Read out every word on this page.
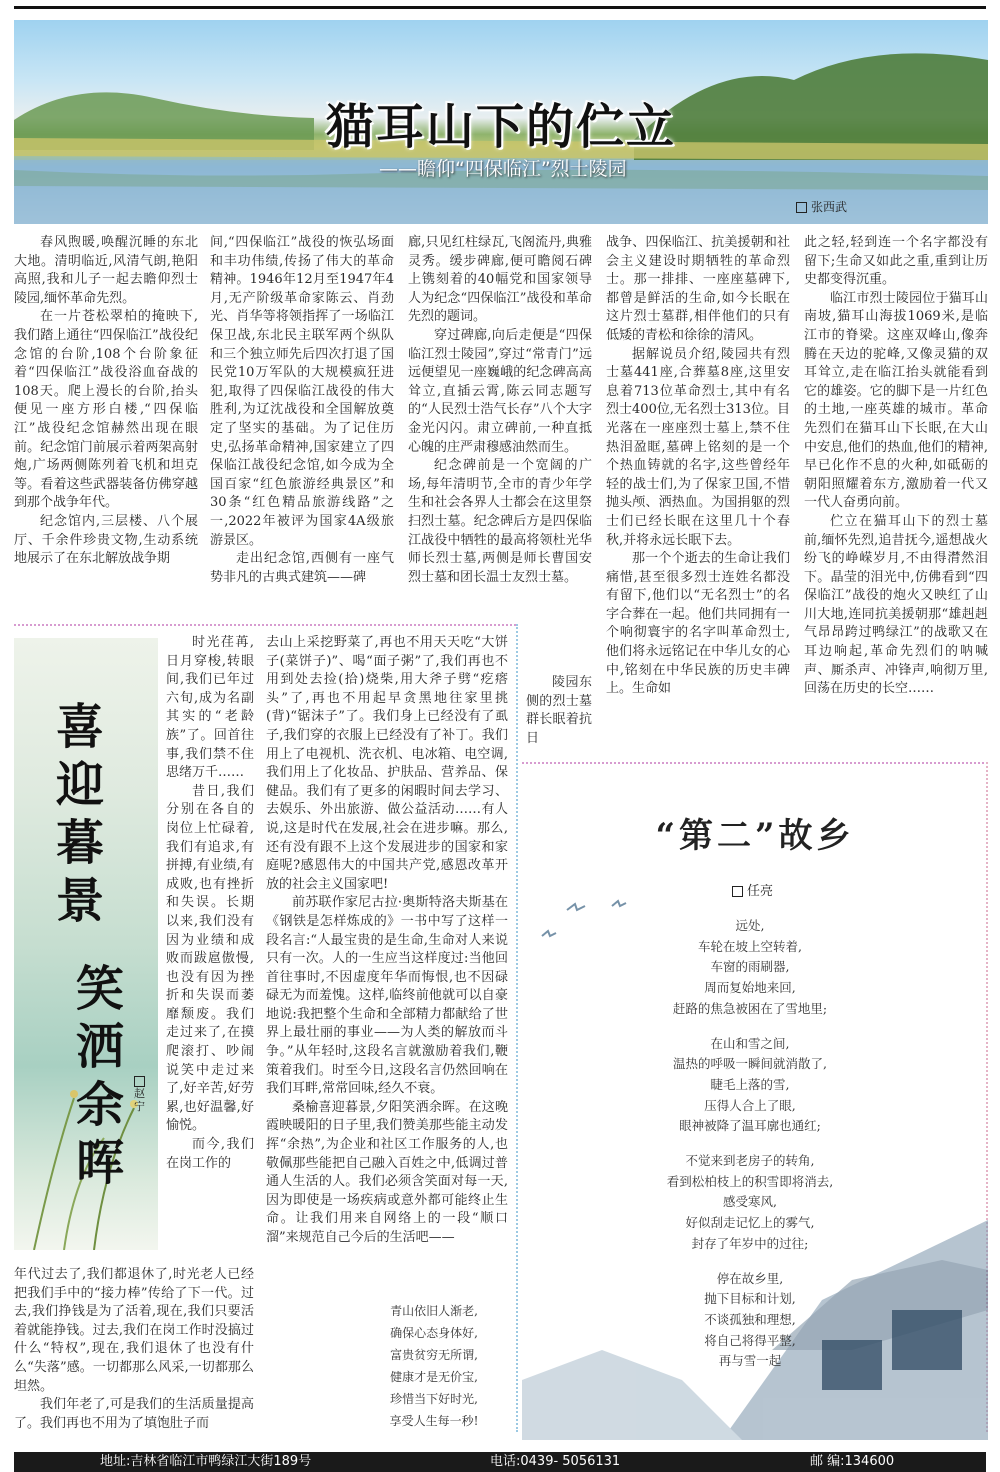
猫耳山下的伫立
——瞻仰“四保临江”烈士陵园
张西武

春风煦暖,唤醒沉睡的东北大地。清明临近,风清气朗,艳阳高照,我和儿子一起去瞻仰烈士陵园,缅怀革命先烈。

在一片苍松翠柏的掩映下,我们踏上通往“四保临江”战役纪念馆的台阶,108个台阶象征着“四保临江”战役浴血奋战的108天。爬上漫长的台阶,抬头便见一座方形白楼,“四保临江”战役纪念馆赫然出现在眼前。纪念馆门前展示着两架高射炮,广场两侧陈列着飞机和坦克等。看着这些武器装备仿佛穿越到那个战争年代。

纪念馆内,三层楼、八个展厅、千余件珍贵文物,生动系统地展示了在东北解放战争期

间,“四保临江”战役的恢弘场面和丰功伟绩,传扬了伟大的革命精神。1946年12月至1947年4月,无产阶级革命家陈云、肖劲光、肖华等将领指挥了一场临江保卫战,东北民主联军两个纵队和三个独立师先后四次打退了国民党10万军队的大规模疯狂进犯,取得了四保临江战役的伟大胜利,为辽沈战役和全国解放奠定了坚实的基础。为了记住历史,弘扬革命精神,国家建立了四保临江战役纪念馆,如今成为全国百家“红色旅游经典景区”和30条“红色精品旅游线路”之一,2022年被评为国家4A级旅游景区。

走出纪念馆,西侧有一座气势非凡的古典式建筑——碑

廊,只见红柱绿瓦,飞阁流丹,典雅灵秀。缓步碑廊,便可瞻阅石碑上镌刻着的40幅党和国家领导人为纪念“四保临江”战役和革命先烈的题词。

穿过碑廊,向后走便是“四保临江烈士陵园”,穿过“常青门”远远便望见一座巍峨的纪念碑高高耸立,直插云霄,陈云同志题写的“人民烈士浩气长存”八个大字金光闪闪。肃立碑前,一种直抵心魄的庄严肃穆感油然而生。

纪念碑前是一个宽阔的广场,每年清明节,全市的青少年学生和社会各界人士都会在这里祭扫烈士墓。纪念碑后方是四保临江战役中牺牲的最高将领杜光华师长烈士墓,两侧是师长曹国安烈士墓和团长温士友烈士墓。

陵园东侧的烈士墓群长眠着抗日

战争、四保临江、抗美援朝和社会主义建设时期牺牲的革命烈士。那一排排、一座座墓碑下,都曾是鲜活的生命,如今长眠在这片烈士墓群,相伴他们的只有低矮的青松和徐徐的清风。

据解说员介绍,陵园共有烈士墓441座,合葬墓8座,这里安息着713位革命烈士,其中有名烈士400位,无名烈士313位。目光落在一座座烈士墓上,禁不住热泪盈眶,墓碑上铭刻的是一个个热血铸就的名字,这些曾经年轻的战士们,为了保家卫国,不惜抛头颅、洒热血。为国捐躯的烈士们已经长眠在这里几十个春秋,并将永远长眠下去。

那一个个逝去的生命让我们痛惜,甚至很多烈士连姓名都没有留下,他们以“无名烈士”的名字合葬在一起。他们共同拥有一个响彻寰宇的名字叫革命烈士,他们将永远铭记在中华儿女的心中,铭刻在中华民族的历史丰碑上。生命如

此之轻,轻到连一个名字都没有留下;生命又如此之重,重到让历史都变得沉重。

临江市烈士陵园位于猫耳山南坡,猫耳山海拔1069米,是临江市的脊梁。这座双峰山,像奔腾在天边的驼峰,又像灵猫的双耳耸立,走在临江抬头就能看到它的雄姿。它的脚下是一片红色的土地,一座英雄的城市。革命先烈们在猫耳山下长眠,在大山中安息,他们的热血,他们的精神,早已化作不息的火种,如砥砺的朝阳照耀着东方,激励着一代又一代人奋勇向前。

伫立在猫耳山下的烈士墓前,缅怀先烈,追昔抚今,遥想战火纷飞的峥嵘岁月,不由得潸然泪下。晶莹的泪光中,仿佛看到“四保临江”战役的炮火又映红了山川大地,连同抗美援朝那“雄赳赳气昂昂跨过鸭绿江”的战歌又在耳边响起,革命先烈们的呐喊声、厮杀声、冲锋声,响彻万里,回荡在历史的长空……

喜
迎
暮
景
笑
洒
余
晖
赵宁

时光荏苒,日月穿梭,转眼间,我们已年过六旬,成为名副其实的“老龄族”了。回首往事,我们禁不住思绪万千……

昔日,我们分别在各自的岗位上忙碌着,我们有追求,有拼搏,有业绩,有成败,也有挫折和失误。长期以来,我们没有因为业绩和成败而跋扈傲慢,也没有因为挫折和失误而萎靡颓废。我们走过来了,在摸爬滚打、吵闹说笑中走过来了,好辛苦,好劳累,也好温馨,好愉悦。

而今,我们在岗工作的

年代过去了,我们都退休了,时光老人已经把我们手中的“接力棒”传给了下一代。过去,我们挣钱是为了活着,现在,我们只要活着就能挣钱。过去,我们在岗工作时没搞过什么“特权”,现在,我们退休了也没有什么“失落”感。一切都那么风采,一切都那么坦然。

我们年老了,可是我们的生活质量提高了。我们再也不用为了填饱肚子而

去山上采挖野菜了,再也不用天天吃“大饼子(菜饼子)”、喝“面子粥”了,我们再也不用到处去捡(拾)烧柴,用大斧子劈“疙瘩头”了,再也不用起早贪黑地往家里挑(背)“锯沫子”了。我们身上已经没有了虱子,我们穿的衣服上已经没有了补丁。我们用上了电视机、洗衣机、电冰箱、电空调,我们用上了化妆品、护肤品、营养品、保健品。我们有了更多的闲暇时间去学习、去娱乐、外出旅游、做公益活动……有人说,这是时代在发展,社会在进步嘛。那么,还有没有跟不上这个发展进步的国家和家庭呢?感恩伟大的中国共产党,感恩改革开放的社会主义国家吧!

前苏联作家尼古拉·奥斯特洛夫斯基在《钢铁是怎样炼成的》一书中写了这样一段名言:“人最宝贵的是生命,生命对人来说只有一次。人的一生应当这样度过:当他回首往事时,不因虚度年华而悔恨,也不因碌碌无为而羞愧。这样,临终前他就可以自豪地说:我把整个生命和全部精力都献给了世界上最壮丽的事业——为人类的解放而斗争。”从年轻时,这段名言就激励着我们,鞭策着我们。时至今日,这段名言仍然回响在我们耳畔,常常回味,经久不衰。

桑榆喜迎暮景,夕阳笑洒余晖。在这晚霞映暖阳的日子里,我们赞美那些能主动发挥“余热”,为企业和社区工作服务的人,也敬佩那些能把自己融入百姓之中,低调过普通人生活的人。我们必须含笑面对每一天,因为即使是一场疾病或意外都可能终止生命。让我们用来自网络上的一段“顺口溜”来规范自己今后的生活吧——

青山依旧人渐老,
确保心态身体好,
富贵贫穷无所谓,
健康才是无价宝,
珍惜当下好时光,
享受人生每一秒!
“第二”故乡
任亮
远处,
车轮在坡上空转着,
车窗的雨刷器,
周而复始地来回,
赶路的焦急被困在了雪地里;
在山和雪之间,
温热的呼吸一瞬间就消散了,
睫毛上落的雪,
压得人合上了眼,
眼神被降了温耳廓也通红;
不觉来到老房子的转角,
看到松柏枝上的积雪即将消去,
感受寒风,
好似刮走记忆上的雾气,
封存了年岁中的过往;
停在故乡里,
抛下目标和计划,
不谈孤独和理想,
将自己将得平整,
再与雪一起
地址:吉林省临江市鸭绿江大街189号	电话:0439- 5056131	邮 编:134600
